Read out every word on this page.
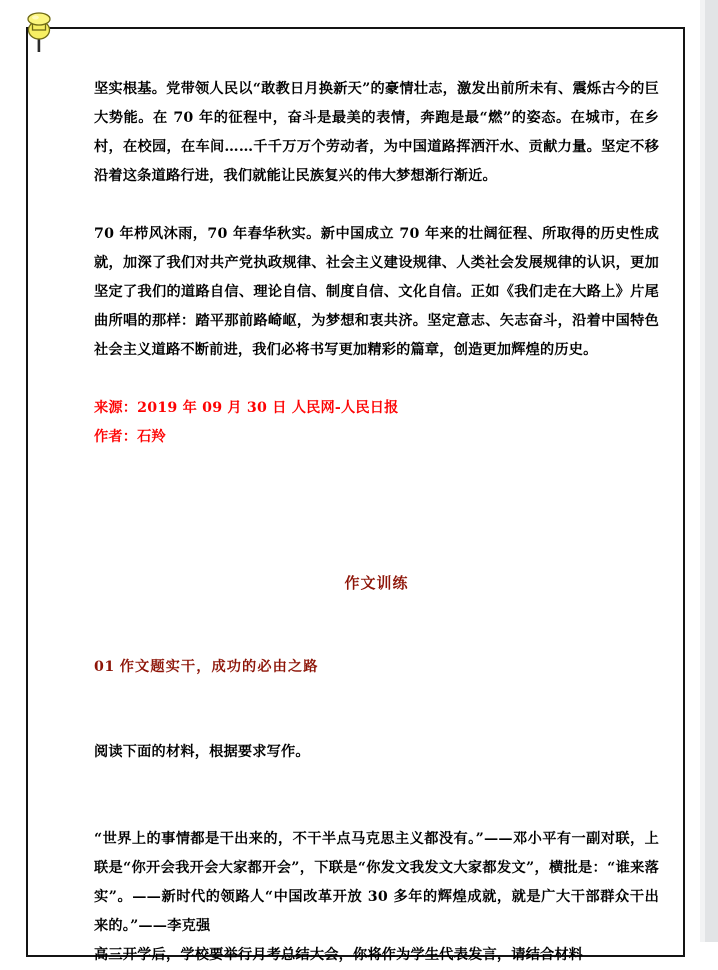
坚实根基。党带领人民以“敢教日月换新天”的豪情壮志，激发出前所未有、震烁古今的巨大势能。在 70 年的征程中，奋斗是最美的表情，奔跑是最“燃”的姿态。在城市，在乡村，在校园，在车间……千千万万个劳动者，为中国道路挥洒汗水、贡献力量。坚定不移沿着这条道路行进，我们就能让民族复兴的伟大梦想渐行渐近。

70 年栉风沐雨，70 年春华秋实。新中国成立 70 年来的壮阔征程、所取得的历史性成就，加深了我们对共产党执政规律、社会主义建设规律、人类社会发展规律的认识，更加坚定了我们的道路自信、理论自信、制度自信、文化自信。正如《我们走在大路上》片尾曲所唱的那样：踏平那前路崎岖，为梦想和衷共济。坚定意志、矢志奋斗，沿着中国特色社会主义道路不断前进，我们必将书写更加精彩的篇章，创造更加辉煌的历史。

来源：2019 年 09 月 30 日 人民网-人民日报

作者：石羚

作文训练

01 作文题实干，成功的必由之路

阅读下面的材料，根据要求写作。

“世界上的事情都是干出来的，不干半点马克思主义都没有。”——邓小平有一副对联，上联是“你开会我开会大家都开会”，下联是“你发文我发文大家都发文”，横批是：“谁来落实”。——新时代的领路人“中国改革开放 30 多年的辉煌成就，就是广大干部群众干出来的。”——李克强

高三开学后，学校要举行月考总结大会，你将作为学生代表发言，请结合材料
